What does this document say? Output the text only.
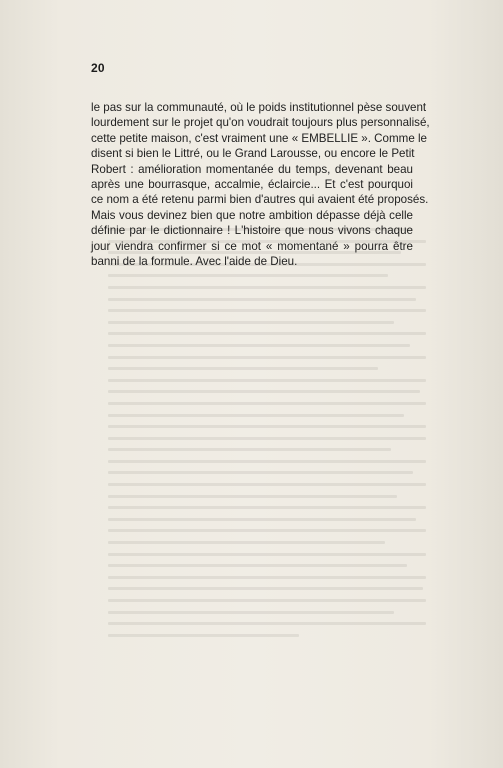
20

le pas sur la communauté, où le poids institutionnel pèse souvent
lourdement sur le projet qu'on voudrait toujours plus personnalisé,
cette petite maison, c'est vraiment une « EMBELLIE ». Comme le
disent si bien le Littré, ou le Grand Larousse, ou encore le Petit
Robert : amélioration momentanée du temps, devenant beau
après une bourrasque, accalmie, éclaircie... Et c'est pourquoi
ce nom a été retenu parmi bien d'autres qui avaient été proposés.
Mais vous devinez bien que notre ambition dépasse déjà celle
définie par le dictionnaire ! L'histoire que nous vivons chaque
jour viendra confirmer si ce mot « momentané » pourra être
banni de la formule. Avec l'aide de Dieu.
